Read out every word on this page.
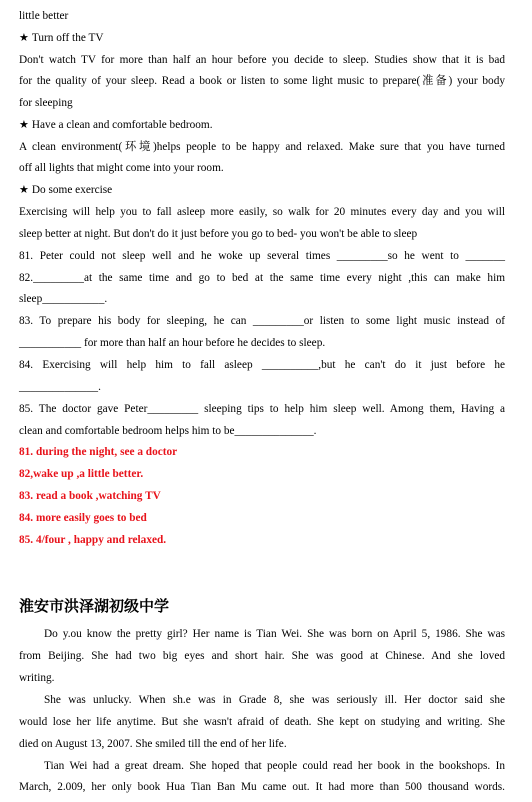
little better
★ Turn off the TV
Don't watch TV for more than half an hour before you decide to sleep. Studies show that it is bad
for the quality of your sleep. Read a book or listen to some light music to prepare(准备) your body
for sleeping
★ Have a clean and comfortable bedroom.
A clean environment(环境)helps people to be happy and relaxed. Make sure that you have turned
off all lights that might come into your room.
★ Do some exercise
Exercising will help you to fall asleep more easily, so walk for 20 minutes every day and you will
sleep better at night. But don't do it just before you go to bed- you won't be able to sleep
81. Peter could not sleep well and he woke up several times _________so he went to _______
82._________at the same time and go to bed at the same time every night ,this can make him
sleep___________.
83. To prepare his body for sleeping, he can _________or listen to some light music instead of
___________ for more than half an hour before he decides to sleep.
84. Exercising will help him to fall asleep __________,but he can't do it just before he
______________.
85. The doctor gave Peter_________ sleeping tips to help him sleep well. Among them, Having a
clean and comfortable bedroom helps him to be______________.
81. during the night, see a doctor
82,wake up ,a little better.
83. read a book ,watching TV
84. more easily goes to bed
85. 4/four , happy and relaxed.
淮安市洪泽湖初级中学
Do y.ou know the pretty girl? Her name is Tian Wei. She was born on April 5, 1986. She was
from Beijing. She had two big eyes and short hair. She was good at Chinese. And she loved
writing.
She was unlucky. When sh.e was in Grade 8, she was seriously ill. Her doctor said she
would lose her life anytime. But she wasn't afraid of death. She kept on studying and writing. She
died on August 13, 2007. She smiled till the end of her life.
Tian Wei had a great dream. She hoped that people could read her book in the bookshops. In
March, 2.009, her only book Hua Tian Ban Mu came out. It had more than 500 thousand words.
